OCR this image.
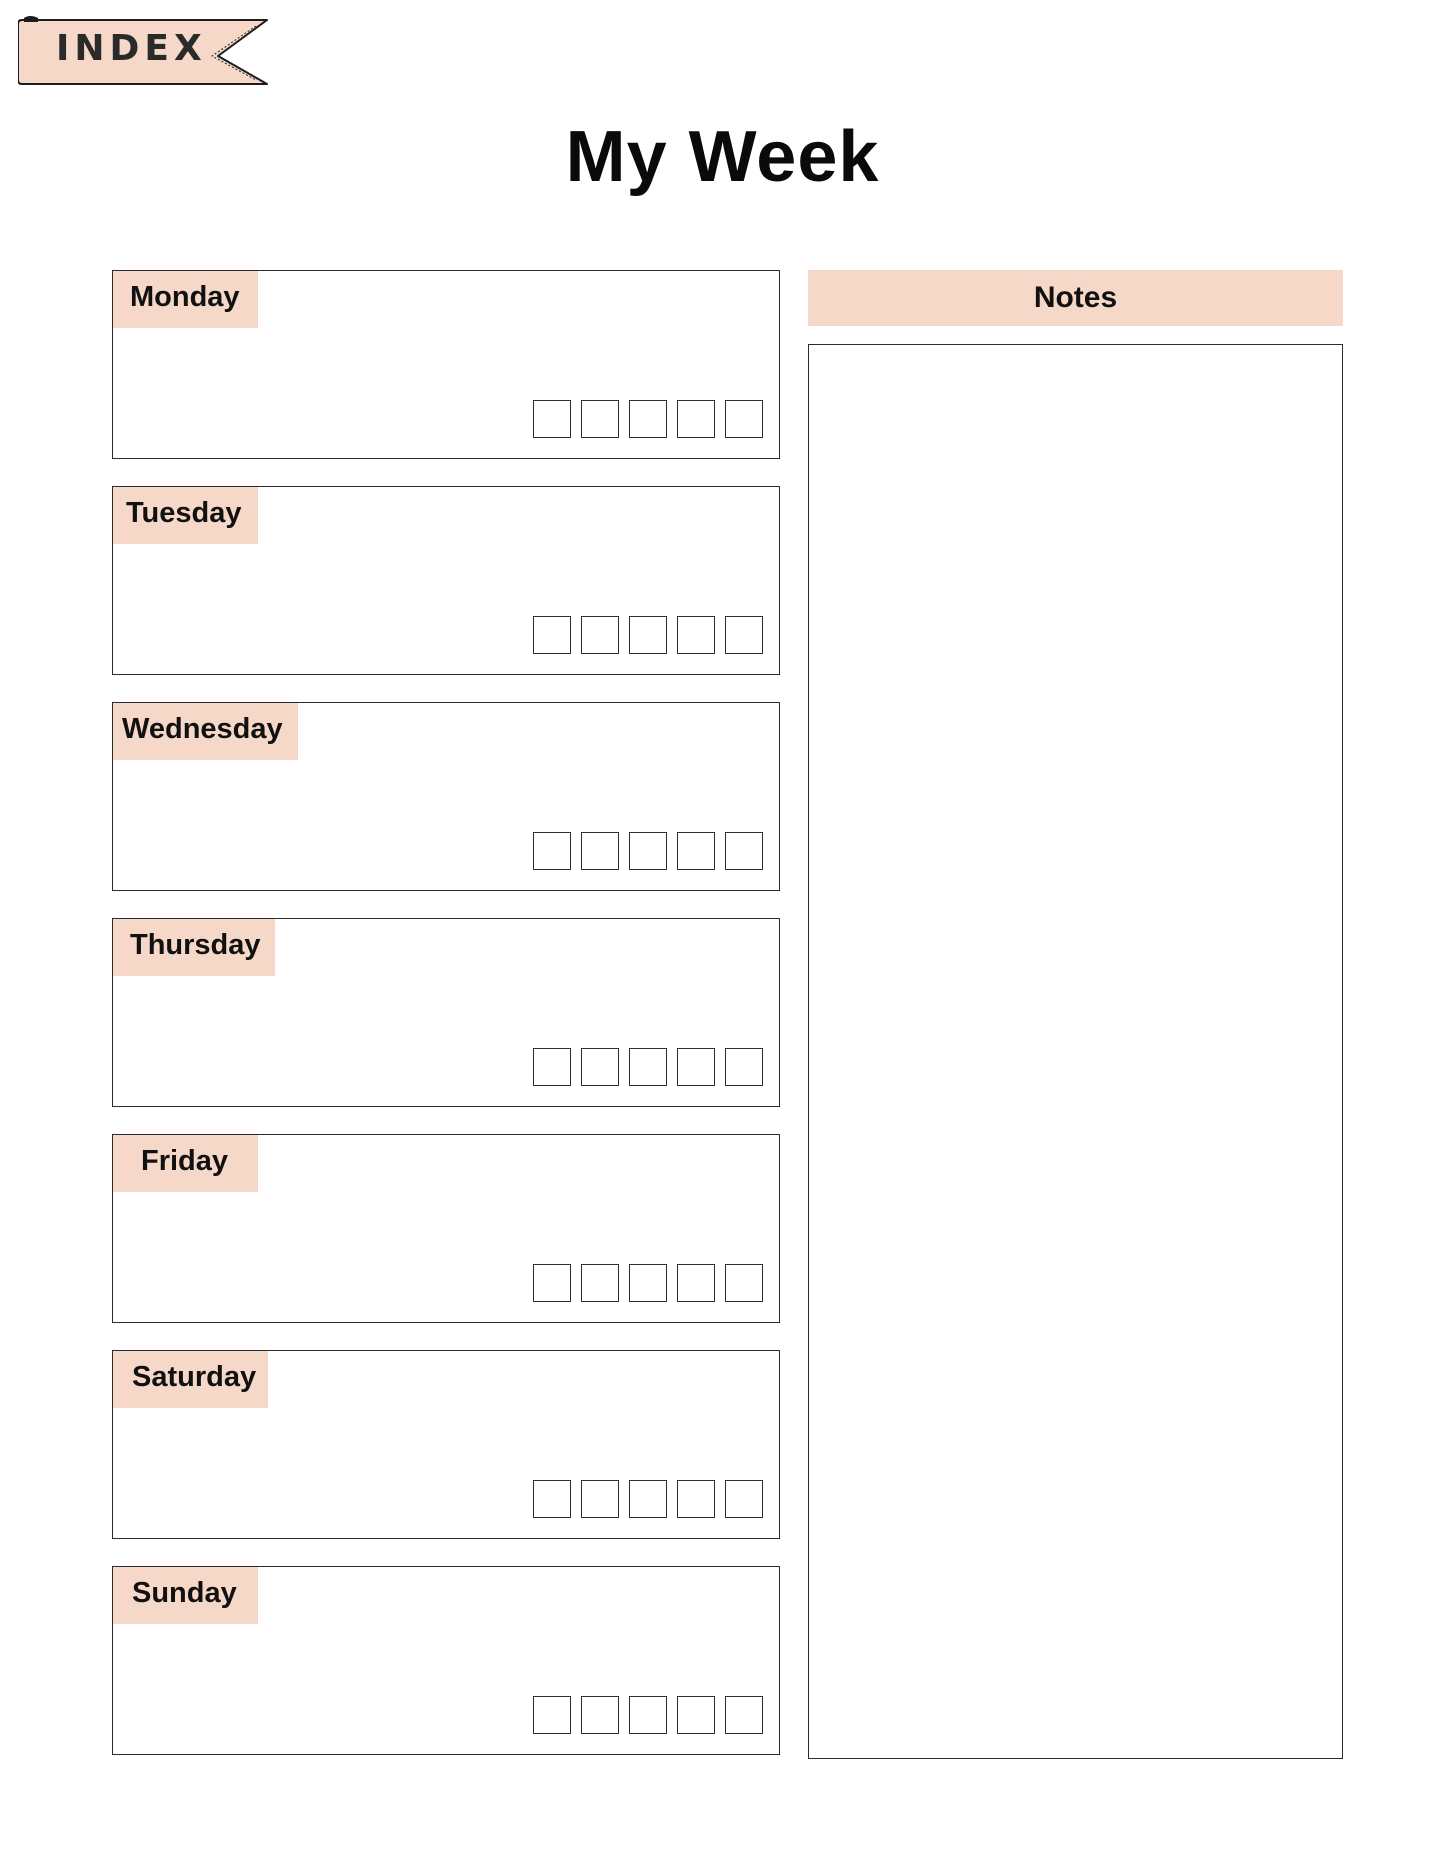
INDEX
My Week
Monday
Tuesday
Wednesday
Thursday
Friday
Saturday
Sunday
Notes
